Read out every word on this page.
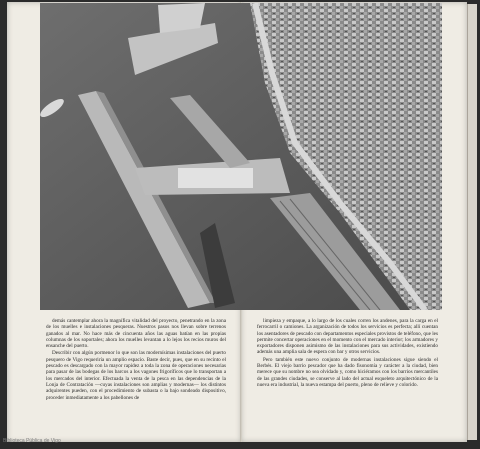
demás cantemplar ahora la magnífica vitalidad del proyecto, penetrando en la zona de los muelles e instalaciones pesqueras. Nuestros pasos nos llevan sobre terrenos ganados al mar. No hace más de cincuenta años las aguas batían en las propias columnas de los soportales; ahora los muelles levantan a lo lejos los recios muros del ensanche del puerto.

Describir con algún pormenor lo que son las modernísimas instalaciones del puerto pesquero de Vigo requeriría un amplio espacio. Baste decir, pues, que en su recinto el pescado es descargado con la mayor rapidez a toda la zona de operaciones necesarias para pasar de las bodegas de los barcos a los vagones frigoríficos que lo transportan a los mercados del interior. Efectuada la venta de la pesca en las dependencias de la Lonja de Contratación —cuyas instalaciones son amplias y modernas— los distintos adquirentes pueden, con el procedimiento de subasta o la bajo sondeado dispositivo, proceder inmediatamente a los pabellones de

limpieza y empaque, a lo largo de los cuales corren los andenes, para la carga en el ferrocarril o camiones. La arganización de todos los servicios es perfecta; allí cuentan los asentadores de pescado con departamentos especiales provistos de teléfono, que les permite concertar operaciones en el momento con el mercado interior; los armadores y exportadores disponen asimismo de las instalaciones para sus actividades, existiendo además una amplia sala de espera con bar y otros servicios.

Pero también este nuevo conjunto de modernas instalaciones sigue siendo el Berbés. El viejo barrio pescador que ha dado fisonomía y carácter a la ciudad, bien merece que su nombre no sea olvidado y, como hiciéramos con los barrios mercantiles de las grandes ciudades, se conserve al lado del actual esqueleto arquitectónico de la nueva era industrial, la nueva estampa del puerto, pleno de relieve y colorido.

Biblioteca Pública de Vigo
